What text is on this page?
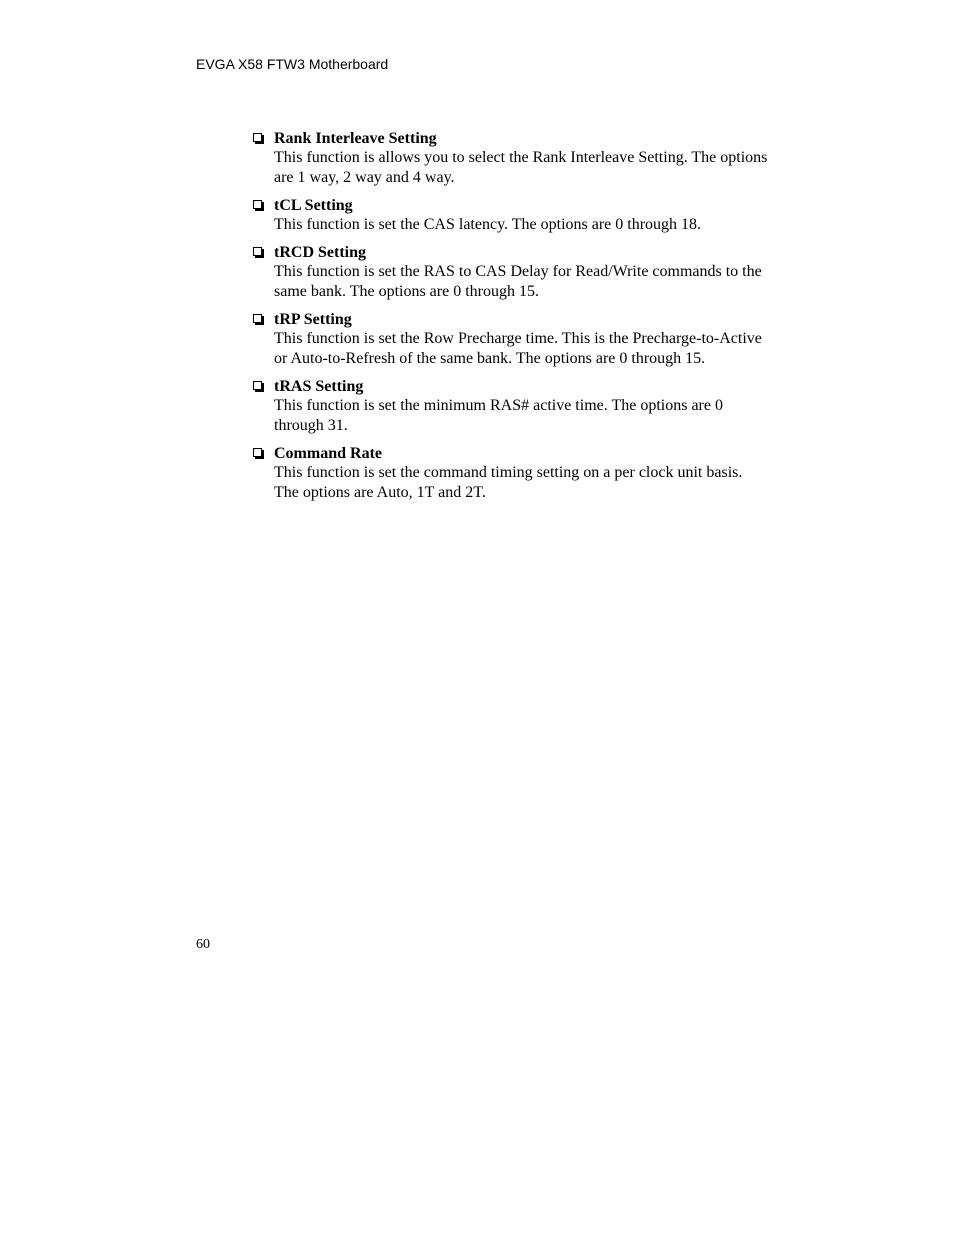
EVGA X58 FTW3 Motherboard
Rank Interleave Setting
This function is allows you to select the Rank Interleave Setting. The options
are 1 way, 2 way and 4 way.
tCL Setting
This function is set the CAS latency. The options are 0 through 18.
tRCD Setting
This function is set the RAS to CAS Delay for Read/Write commands to the
same bank. The options are 0 through 15.
tRP Setting
This function is set the Row Precharge time. This is the Precharge-to-Active
or Auto-to-Refresh of the same bank. The options are 0 through 15.
tRAS Setting
This function is set the minimum RAS# active time. The options are 0
through 31.
Command Rate
This function is set the command timing setting on a per clock unit basis.
The options are Auto, 1T and 2T.
60
